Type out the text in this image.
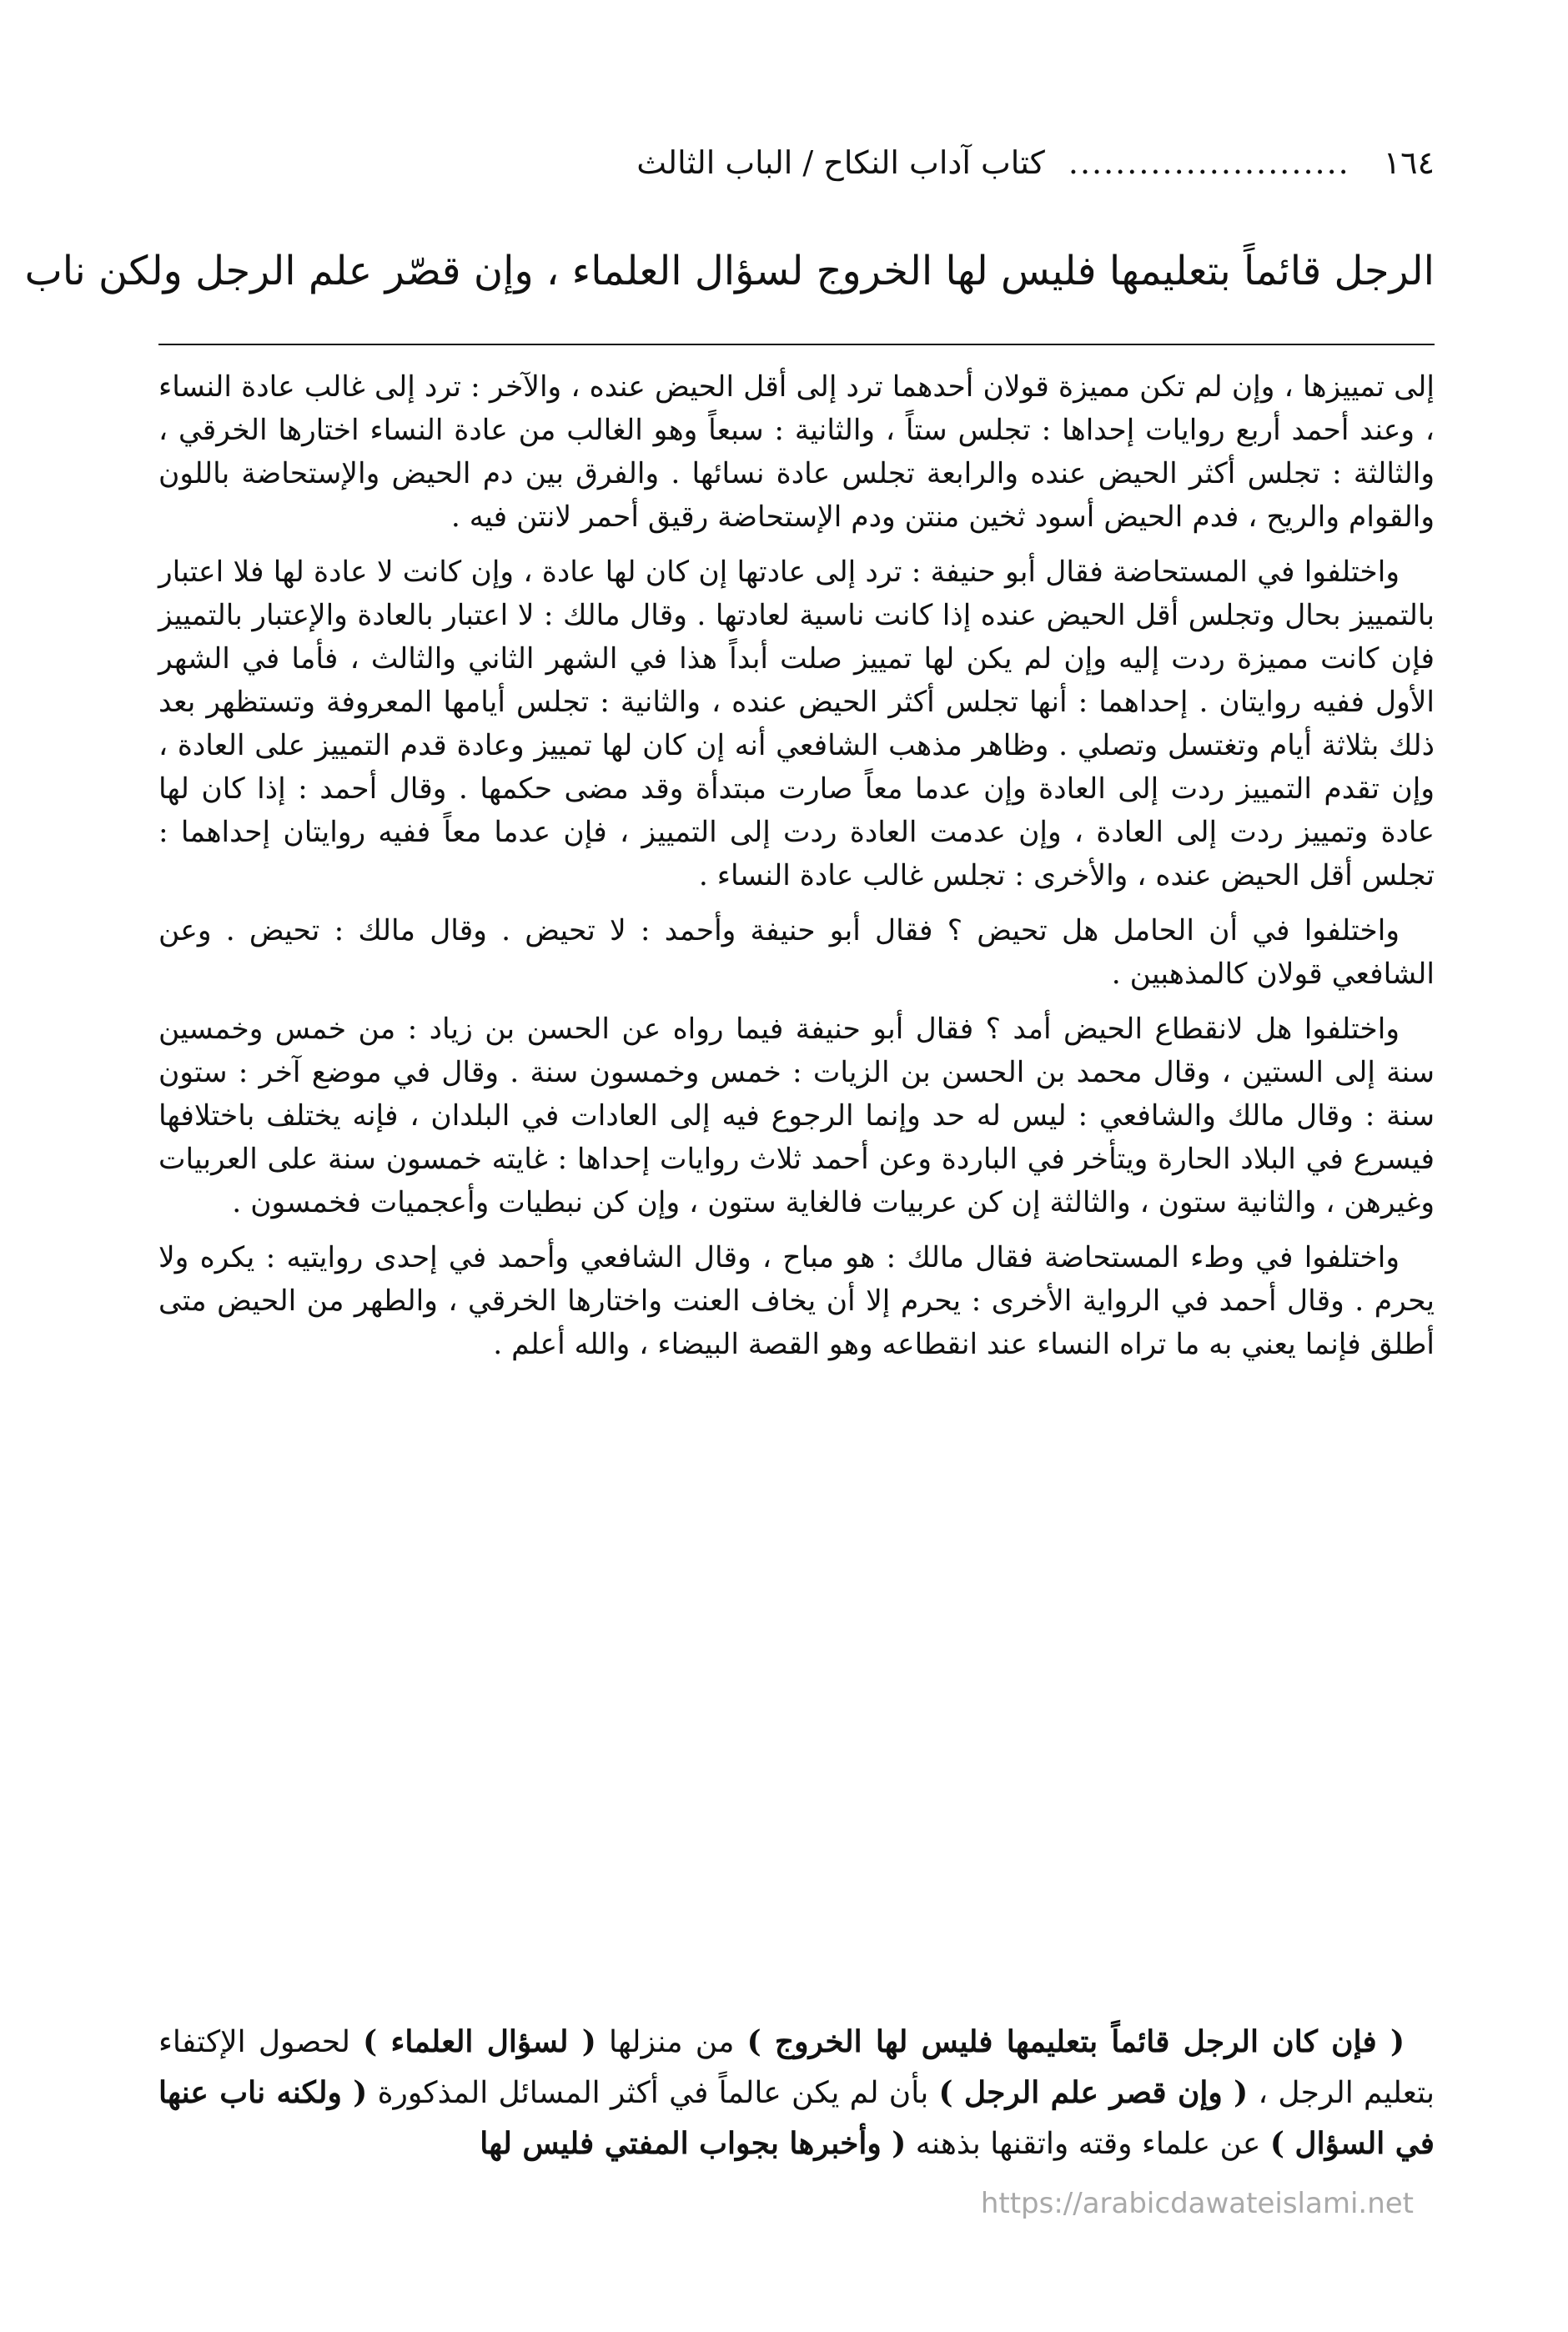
١٦٤
........................
كتاب آداب النكاح / الباب الثالث
الرجل قائماً بتعليمها فليس لها الخروج لسؤال العلماء ، وإن قصّر علم الرجل ولكن ناب

إلى تمييزها ، وإن لم تكن مميزة قولان أحدهما ترد إلى أقل الحيض عنده ، والآخر : ترد إلى غالب عادة النساء ، وعند أحمد أربع روايات إحداها : تجلس ستاً ، والثانية : سبعاً وهو الغالب من عادة النساء اختارها الخرقي ، والثالثة : تجلس أكثر الحيض عنده والرابعة تجلس عادة نسائها . والفرق بين دم الحيض والإستحاضة باللون والقوام والريح ، فدم الحيض أسود ثخين منتن ودم الإستحاضة رقيق أحمر لانتن فيه .

واختلفوا في المستحاضة فقال أبو حنيفة : ترد إلى عادتها إن كان لها عادة ، وإن كانت لا عادة لها فلا اعتبار بالتمييز بحال وتجلس أقل الحيض عنده إذا كانت ناسية لعادتها . وقال مالك : لا اعتبار بالعادة والإعتبار بالتمييز فإن كانت مميزة ردت إليه وإن لم يكن لها تمييز صلت أبداً هذا في الشهر الثاني والثالث ، فأما في الشهر الأول ففيه روايتان . إحداهما : أنها تجلس أكثر الحيض عنده ، والثانية : تجلس أيامها المعروفة وتستظهر بعد ذلك بثلاثة أيام وتغتسل وتصلي . وظاهر مذهب الشافعي أنه إن كان لها تمييز وعادة قدم التمييز على العادة ، وإن تقدم التمييز ردت إلى العادة وإن عدما معاً صارت مبتدأة وقد مضى حكمها . وقال أحمد : إذا كان لها عادة وتمييز ردت إلى العادة ، وإن عدمت العادة ردت إلى التمييز ، فإن عدما معاً ففيه روايتان إحداهما : تجلس أقل الحيض عنده ، والأخرى : تجلس غالب عادة النساء .

واختلفوا في أن الحامل هل تحيض ؟ فقال أبو حنيفة وأحمد : لا تحيض . وقال مالك : تحيض . وعن الشافعي قولان كالمذهبين .

واختلفوا هل لانقطاع الحيض أمد ؟ فقال أبو حنيفة فيما رواه عن الحسن بن زياد : من خمس وخمسين سنة إلى الستين ، وقال محمد بن الحسن بن الزيات : خمس وخمسون سنة . وقال في موضع آخر : ستون سنة : وقال مالك والشافعي : ليس له حد وإنما الرجوع فيه إلى العادات في البلدان ، فإنه يختلف باختلافها فيسرع في البلاد الحارة ويتأخر في الباردة وعن أحمد ثلاث روايات إحداها : غايته خمسون سنة على العربيات وغيرهن ، والثانية ستون ، والثالثة إن كن عربيات فالغاية ستون ، وإن كن نبطيات وأعجميات فخمسون .

واختلفوا في وطء المستحاضة فقال مالك : هو مباح ، وقال الشافعي وأحمد في إحدى روايتيه : يكره ولا يحرم . وقال أحمد في الرواية الأخرى : يحرم إلا أن يخاف العنت واختارها الخرقي ، والطهر من الحيض متى أطلق فإنما يعني به ما تراه النساء عند انقطاعه وهو القصة البيضاء ، والله أعلم .

( فإن كان الرجل قائماً بتعليمها فليس لها الخروج ) من منزلها ( لسؤال العلماء ) لحصول الإكتفاء بتعليم الرجل ، ( وإن قصر علم الرجل ) بأن لم يكن عالماً في أكثر المسائل المذكورة ( ولكنه ناب عنها في السؤال ) عن علماء وقته واتقنها بذهنه ( وأخبرها بجواب المفتي فليس لها
https://arabicdawateislami.net
